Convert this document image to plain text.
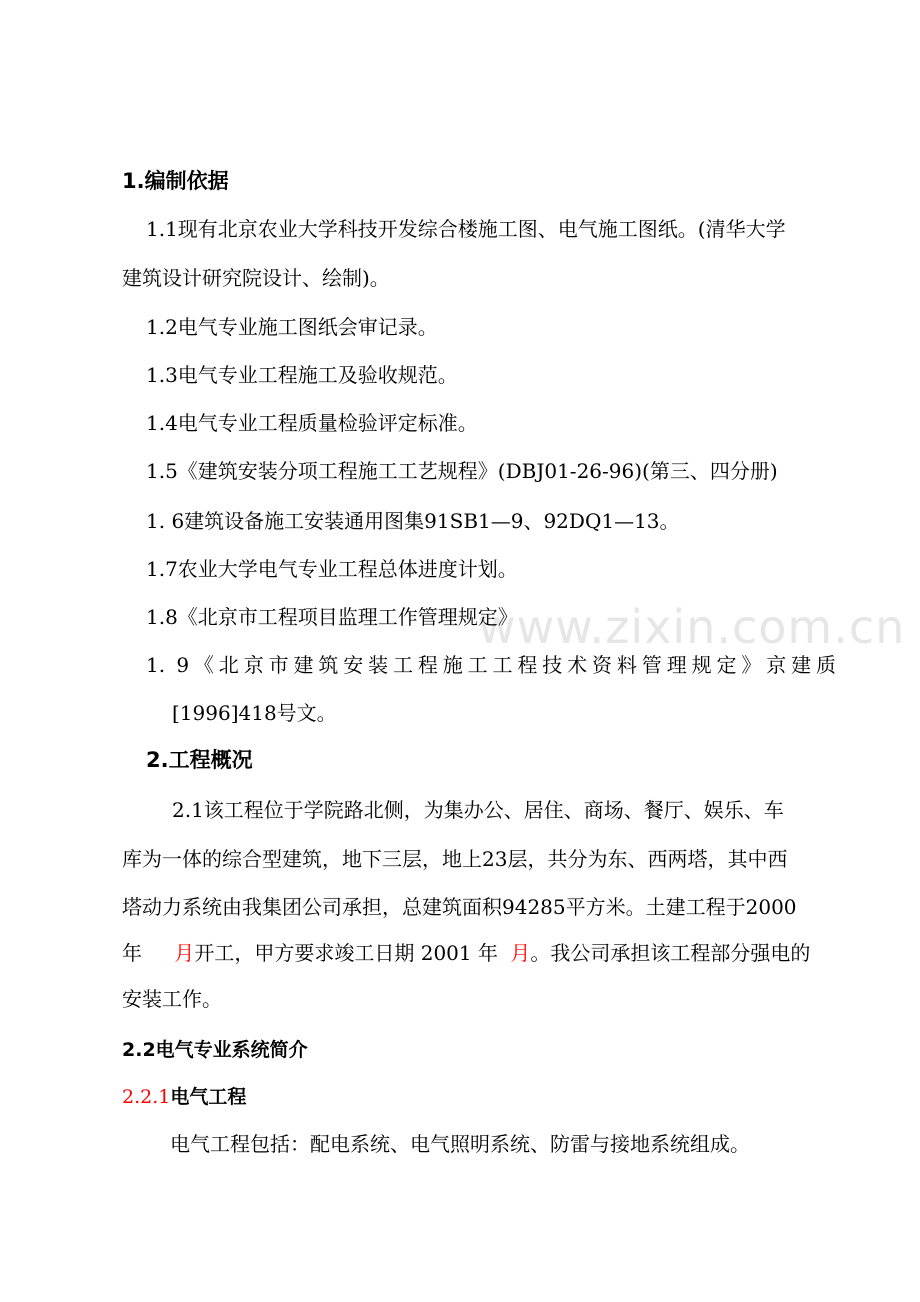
www.zixin.com.cn
1.编制依据
1.1现有北京农业大学科技开发综合楼施工图、电气施工图纸。(清华大学
建筑设计研究院设计、绘制)。
1.2电气专业施工图纸会审记录。
1.3电气专业工程施工及验收规范。
1.4电气专业工程质量检验评定标准。
1.5《建筑安装分项工程施工工艺规程》(DBJ01-26-96)(第三、四分册)
1. 6建筑设备施工安装通用图集91SB1—9、92DQ1—13。
1.7农业大学电气专业工程总体进度计划。
1.8《北京市工程项目监理工作管理规定》
1. 9《北京市建筑安装工程施工工程技术资料管理规定》京建质
[1996]418号文。
2.工程概况
2.1该工程位于学院路北侧，为集办公、居住、商场、餐厅、娱乐、车
库为一体的综合型建筑，地下三层，地上23层，共分为东、西两塔，其中西
塔动力系统由我集团公司承担，总建筑面积94285平方米。土建工程于2000
年 月开工，甲方要求竣工日期 2001 年 月。我公司承担该工程部分强电的
安装工作。
2.2电气专业系统简介
2.2.1电气工程
电气工程包括：配电系统、电气照明系统、防雷与接地系统组成。
